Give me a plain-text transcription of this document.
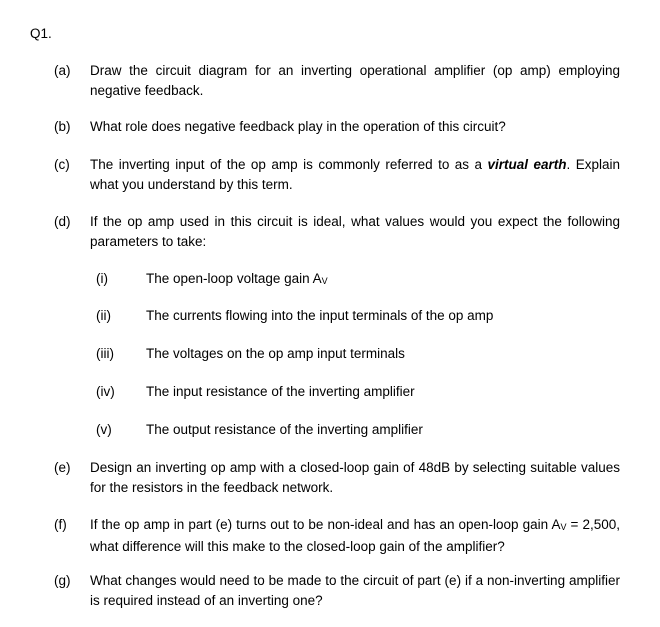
Q1.
(a) Draw the circuit diagram for an inverting operational amplifier (op amp) employing negative feedback.
(b) What role does negative feedback play in the operation of this circuit?
(c) The inverting input of the op amp is commonly referred to as a virtual earth. Explain what you understand by this term.
(d) If the op amp used in this circuit is ideal, what values would you expect the following parameters to take:
(i)	The open-loop voltage gain $A_V$
(ii)	The currents flowing into the input terminals of the op amp
(iii)	The voltages on the op amp input terminals
(iv)	The input resistance of the inverting amplifier
(v)	The output resistance of the inverting amplifier
(e) Design an inverting op amp with a closed-loop gain of 48dB by selecting suitable values for the resistors in the feedback network.
(f) If the op amp in part (e) turns out to be non-ideal and has an open-loop gain $A_V = 2,500$, what difference will this make to the closed-loop gain of the amplifier?
(g) What changes would need to be made to the circuit of part (e) if a non-inverting amplifier is required instead of an inverting one?
